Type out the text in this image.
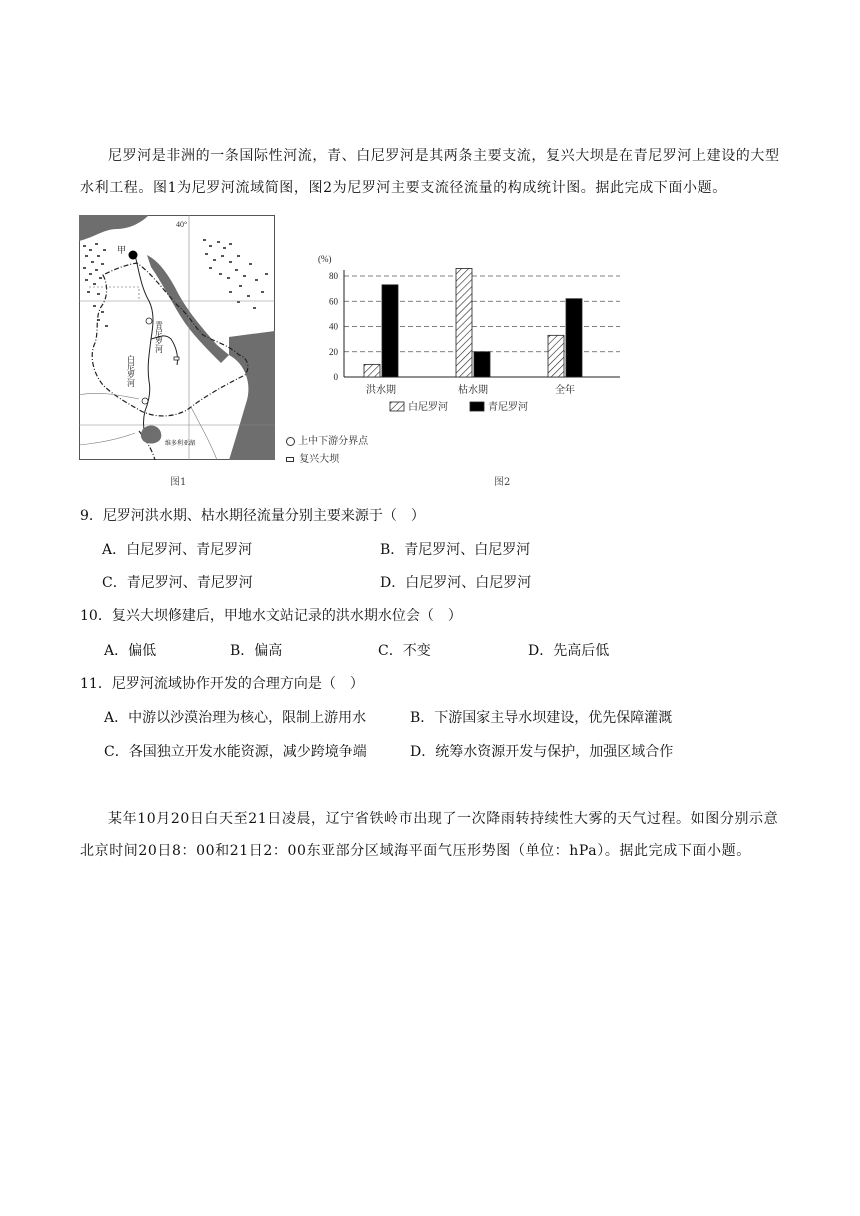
尼罗河是非洲的一条国际性河流，青、白尼罗河是其两条主要支流，复兴大坝是在青尼罗河上建设的大型水利工程。图1为尼罗河流域简图，图2为尼罗河主要支流径流量的构成统计图。据此完成下面小题。

甲
40°
白尼罗河
青尼罗河
维多利亚湖	上中下游分界点
复兴大坝
图1
(%)
0
20
40
60
80
洪水期	枯水期	全年
白尼罗河	青尼罗河
图2
9．尼罗河洪水期、枯水期径流量分别主要来源于（　）
A．白尼罗河、青尼罗河	B．青尼罗河、白尼罗河
C．青尼罗河、青尼罗河	D．白尼罗河、白尼罗河
10．复兴大坝修建后，甲地水文站记录的洪水期水位会（　）
A．偏低	B．偏高	C．不变	D．先高后低
11．尼罗河流域协作开发的合理方向是（　）
A．中游以沙漠治理为核心，限制上游用水	B．下游国家主导水坝建设，优先保障灌溉
C．各国独立开发水能资源，减少跨境争端	D．统筹水资源开发与保护，加强区域合作

某年10月20日白天至21日凌晨，辽宁省铁岭市出现了一次降雨转持续性大雾的天气过程。如图分别示意北京时间20日8：00和21日2：00东亚部分区域海平面气压形势图（单位：hPa）。据此完成下面小题。
